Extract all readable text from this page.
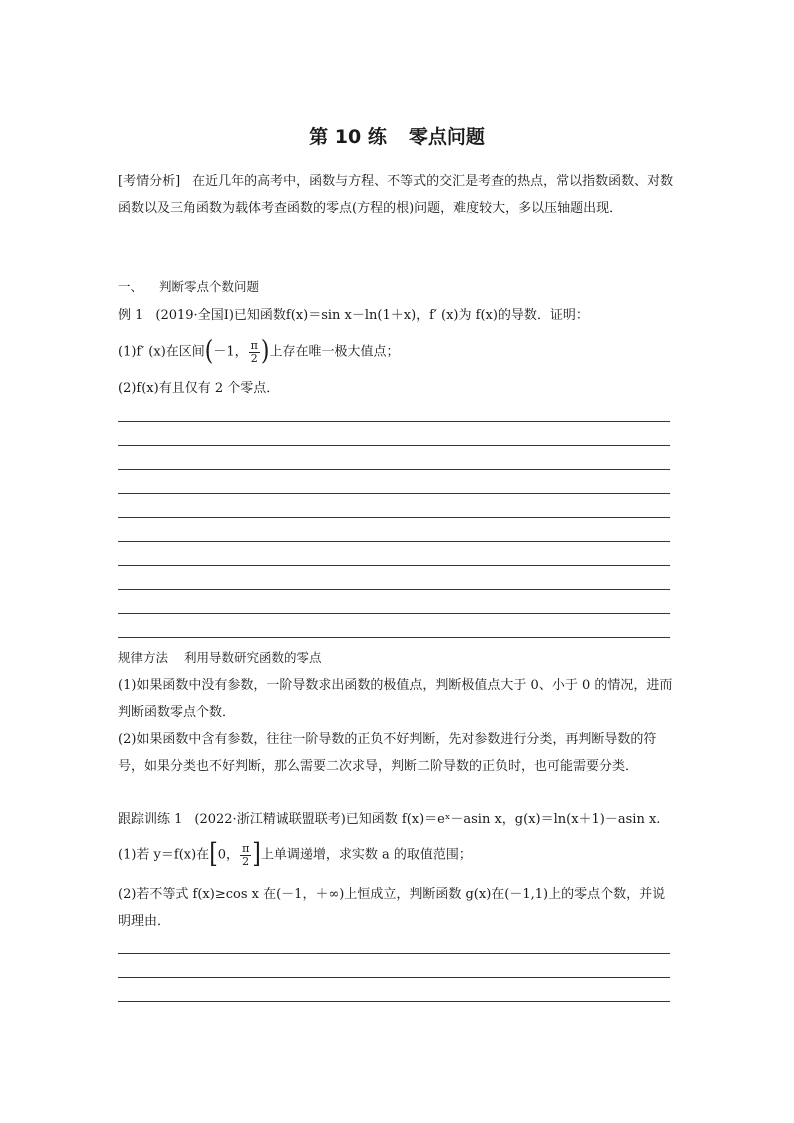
第 10 练 零点问题
[考情分析] 在近几年的高考中，函数与方程、不等式的交汇是考查的热点，常以指数函数、对数函数以及三角函数为载体考查函数的零点(方程的根)问题，难度较大，多以压轴题出现．
一、 判断零点个数问题
例 1 (2019·全国Ⅰ)已知函数f(x)＝sin x－ln(1＋x)，f′ (x)为 f(x)的导数．证明：
(1)f′ (x)在区间(－1， $\frac{\pi}{2}$ )上存在唯一极大值点；
(2)f(x)有且仅有 2 个零点．
规律方法 利用导数研究函数的零点
(1)如果函数中没有参数，一阶导数求出函数的极值点，判断极值点大于 0、小于 0 的情况，进而判断函数零点个数．
(2)如果函数中含有参数，往往一阶导数的正负不好判断，先对参数进行分类，再判断导数的符号，如果分类也不好判断，那么需要二次求导，判断二阶导数的正负时，也可能需要分类．
跟踪训练 1 (2022·浙江精诚联盟联考)已知函数 f(x)＝eˣ－asin x，g(x)＝ln(x＋1)－asin x.
(1)若 y＝f(x)在[0， $\frac{\pi}{2}$ ]上单调递增，求实数 a 的取值范围；
(2)若不等式 f(x)≥cos x 在(－1，＋∞)上恒成立，判断函数 g(x)在(－1,1)上的零点个数，并说明理由．
